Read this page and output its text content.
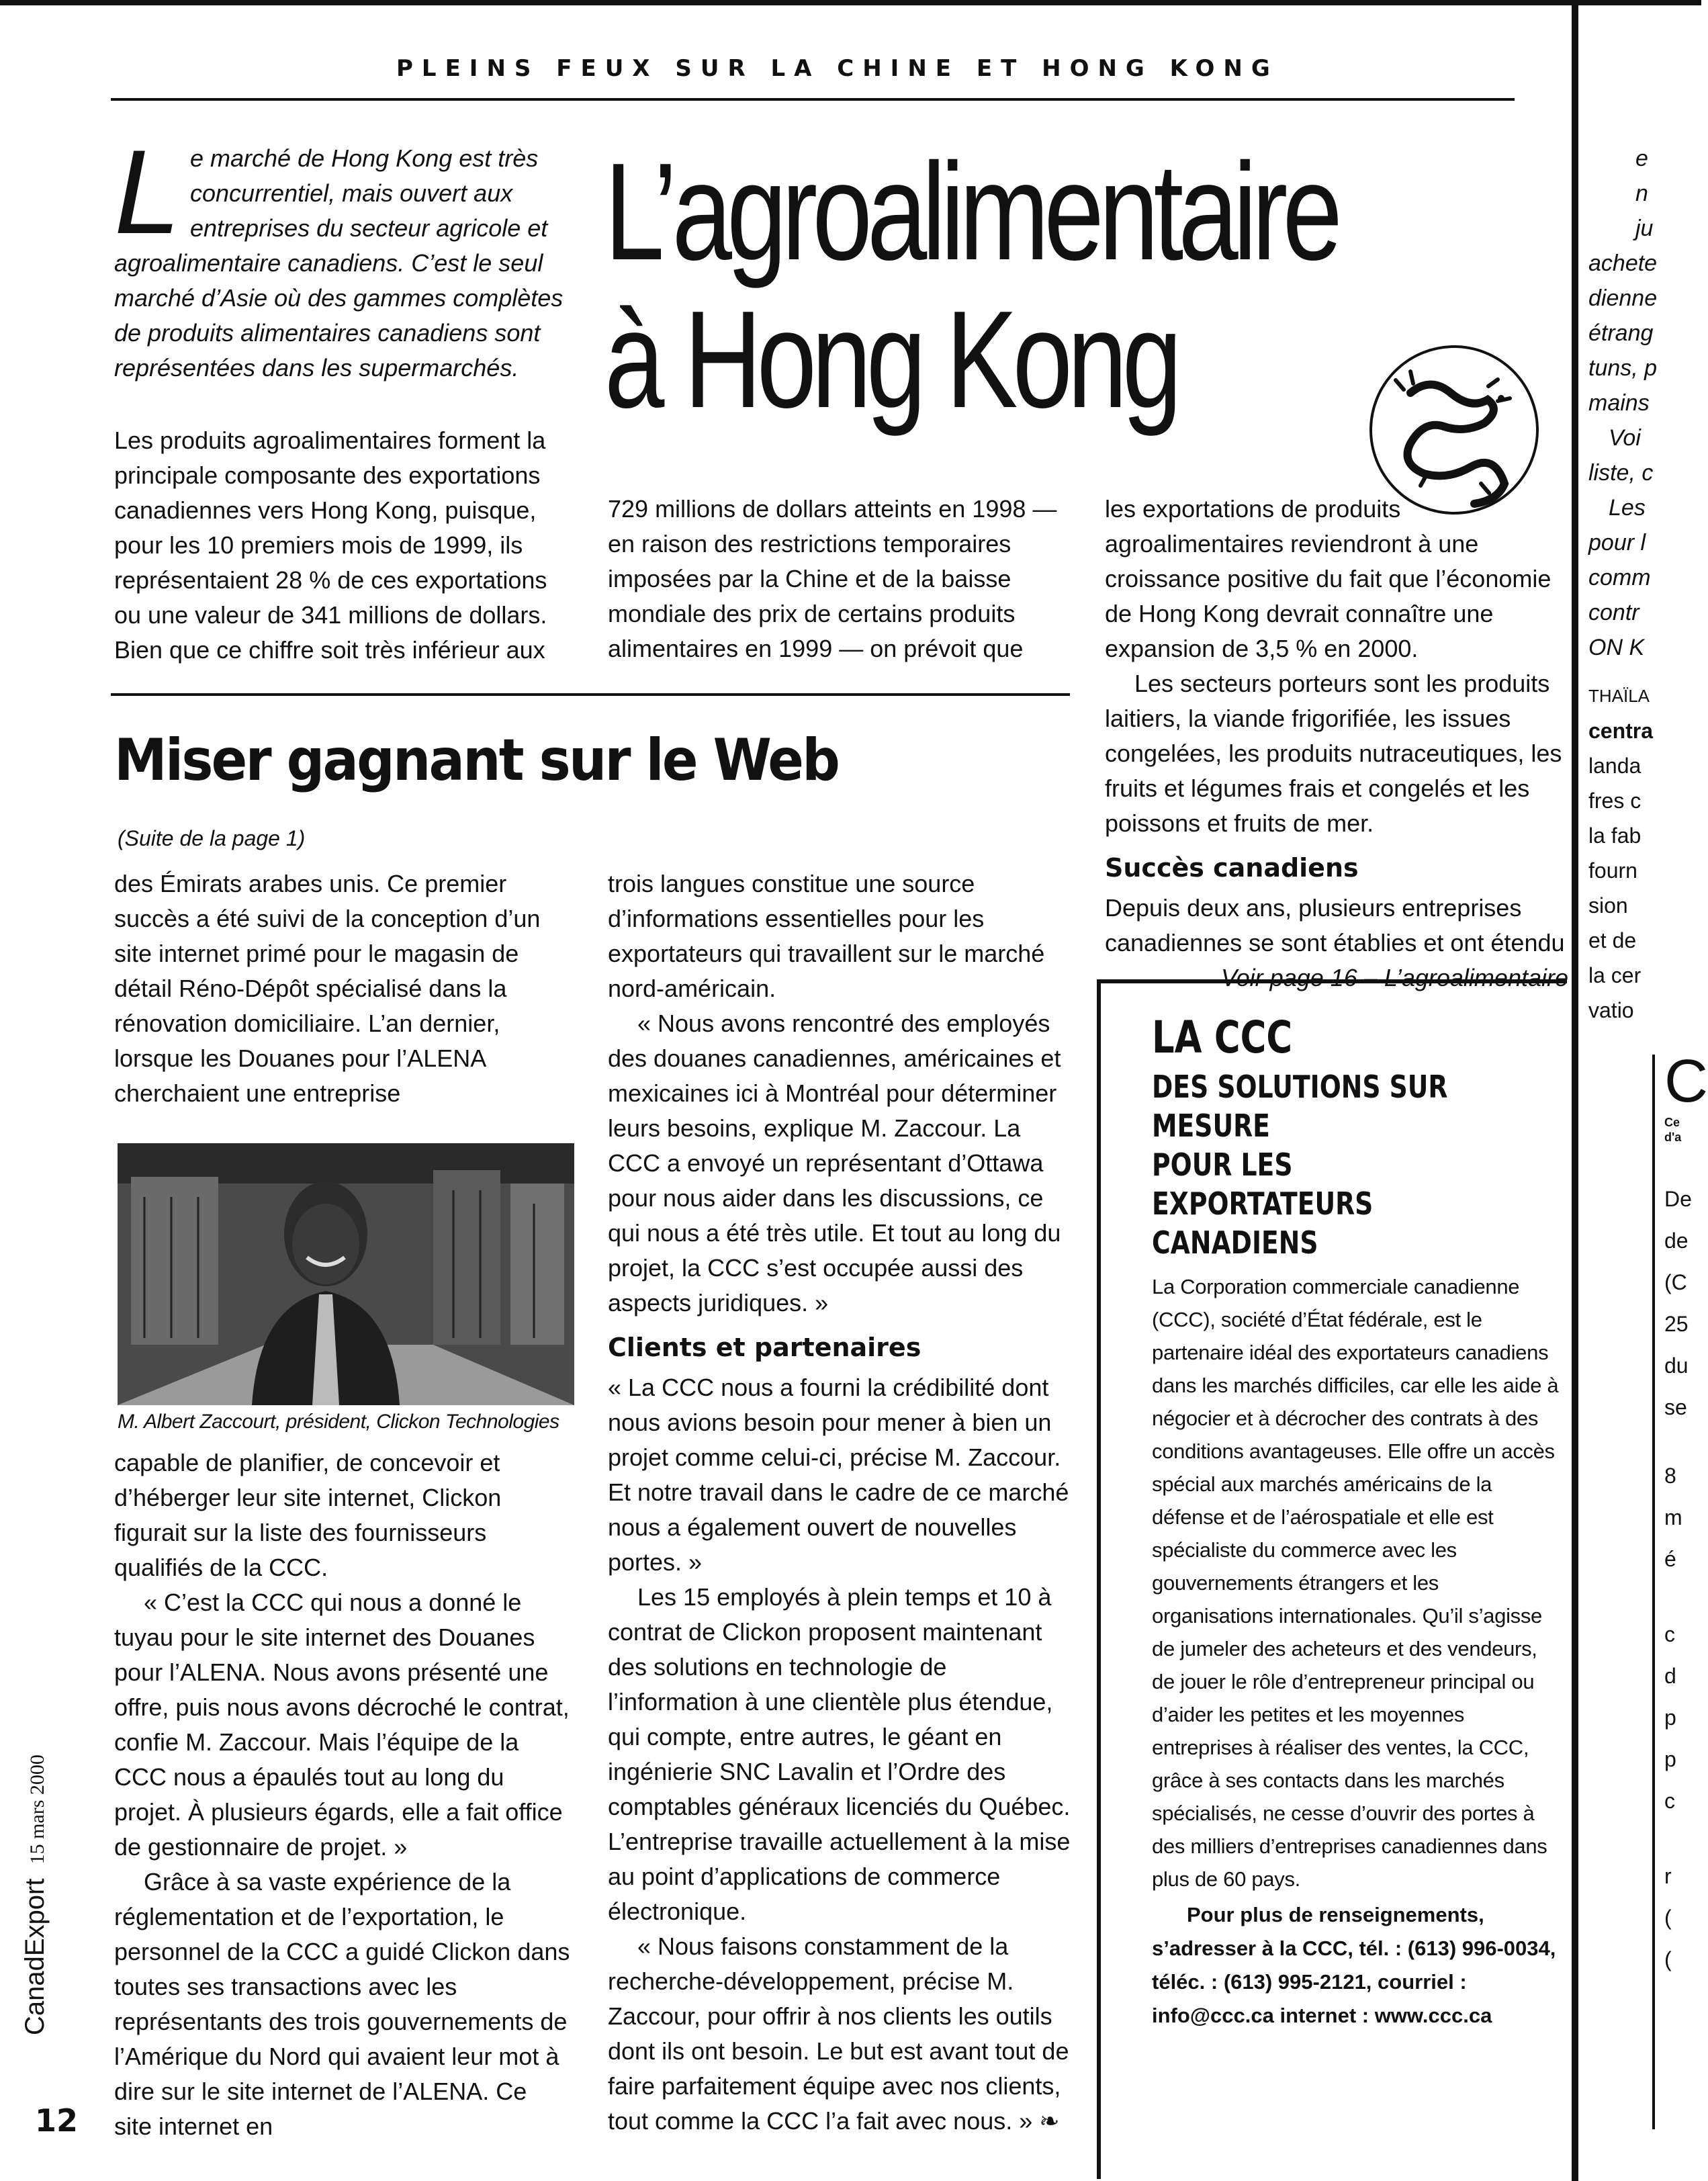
PLEINS FEUX SUR LA CHINE ET HONG KONG
L e marché de Hong Kong est très concurrentiel, mais ouvert aux entreprises du secteur agricole et agroalimentaire canadiens. C’est le seul marché d’Asie où des gammes complètes de produits alimentaires canadiens sont représentées dans les supermarchés.
L’agroalimentaire
à Hong Kong
Les produits agroalimentaires forment la principale composante des exportations canadiennes vers Hong Kong, puisque, pour les 10 premiers mois de 1999, ils représentaient 28 % de ces exportations ou une valeur de 341 millions de dollars. Bien que ce chiffre soit très inférieur aux
729 millions de dollars atteints en 1998 — en raison des restrictions temporaires imposées par la Chine et de la baisse mondiale des prix de certains produits alimentaires en 1999 — on prévoit que

les exportations de produits agroalimentaires reviendront à une croissance positive du fait que l’économie de Hong Kong devrait connaître une expansion de 3,5 % en 2000.

Les secteurs porteurs sont les produits laitiers, la viande frigorifiée, les issues congelées, les produits nutraceutiques, les fruits et légumes frais et congelés et les poissons et fruits de mer.

Succès canadiens

Depuis deux ans, plusieurs entreprises canadiennes se sont établies et ont étendu

Voir page 16 – L’agroalimentaire

Miser gagnant sur le Web
(Suite de la page 1)
des Émirats arabes unis. Ce premier succès a été suivi de la conception d’un site internet primé pour le magasin de détail Réno-Dépôt spécialisé dans la rénovation domiciliaire. L’an dernier, lorsque les Douanes pour l’ALENA cherchaient une entreprise
M. Albert Zaccourt, président, Clickon Technologies

capable de planifier, de concevoir et d’héberger leur site internet, Clickon figurait sur la liste des fournisseurs qualifiés de la CCC.

« C’est la CCC qui nous a donné le tuyau pour le site internet des Douanes pour l’ALENA. Nous avons présenté une offre, puis nous avons décroché le contrat, confie M. Zaccour. Mais l’équipe de la CCC nous a épaulés tout au long du projet. À plusieurs égards, elle a fait office de gestionnaire de projet. »

Grâce à sa vaste expérience de la réglementation et de l’exportation, le personnel de la CCC a guidé Clickon dans toutes ses transactions avec les représentants des trois gouvernements de l’Amérique du Nord qui avaient leur mot à dire sur le site internet de l’ALENA. Ce site internet en

trois langues constitue une source d’informations essentielles pour les exportateurs qui travaillent sur le marché nord-américain.

« Nous avons rencontré des employés des douanes canadiennes, américaines et mexicaines ici à Montréal pour déterminer leurs besoins, explique M. Zaccour. La CCC a envoyé un représentant d’Ottawa pour nous aider dans les discussions, ce qui nous a été très utile. Et tout au long du projet, la CCC s’est occupée aussi des aspects juridiques. »

Clients et partenaires

« La CCC nous a fourni la crédibilité dont nous avions besoin pour mener à bien un projet comme celui-ci, précise M. Zaccour. Et notre travail dans le cadre de ce marché nous a également ouvert de nouvelles portes. »

Les 15 employés à plein temps et 10 à contrat de Clickon proposent maintenant des solutions en technologie de l’information à une clientèle plus étendue, qui compte, entre autres, le géant en ingénierie SNC Lavalin et l’Ordre des comptables généraux licenciés du Québec. L’entreprise travaille actuellement à la mise au point d’applications de commerce électronique.

« Nous faisons constamment de la recherche-développement, précise M. Zaccour, pour offrir à nos clients les outils dont ils ont besoin. Le but est avant tout de faire parfaitement équipe avec nos clients, tout comme la CCC l’a fait avec nous. » ❧

LA CCC
DES SOLUTIONS SUR MESURE
POUR LES EXPORTATEURS
CANADIENS
La Corporation commerciale canadienne (CCC), société d’État fédérale, est le partenaire idéal des exportateurs canadiens dans les marchés difficiles, car elle les aide à négocier et à décrocher des contrats à des conditions avantageuses. Elle offre un accès spécial aux marchés américains de la défense et de l’aérospatiale et elle est spécialiste du commerce avec les gouvernements étrangers et les organisations internationales. Qu’il s’agisse de jumeler des acheteurs et des vendeurs, de jouer le rôle d’entrepreneur principal ou d’aider les petites et les moyennes entreprises à réaliser des ventes, la CCC, grâce à ses contacts dans les marchés spécialisés, ne cesse d’ouvrir des portes à des milliers d’entreprises canadiennes dans plus de 60 pays.
Pour plus de renseignements,
s’adresser à la CCC, tél. : (613) 996-0034,
téléc. : (613) 995-2121, courriel :
info@ccc.ca internet : www.ccc.ca
CanadExport 15 mars 2000
12
e
n
ju
achete
dienne
étrang
tuns, p
mains
Voi
liste, c
Les
pour l
comm
contr
ON K
THAÏLA
centra
landa
fres c
la fab
fourn
sion
et de
la cer
vatio
C
Ce
d'a
De
de
(C
25
du
se
8
m
é
c
d
p
p
c
r
(
(
